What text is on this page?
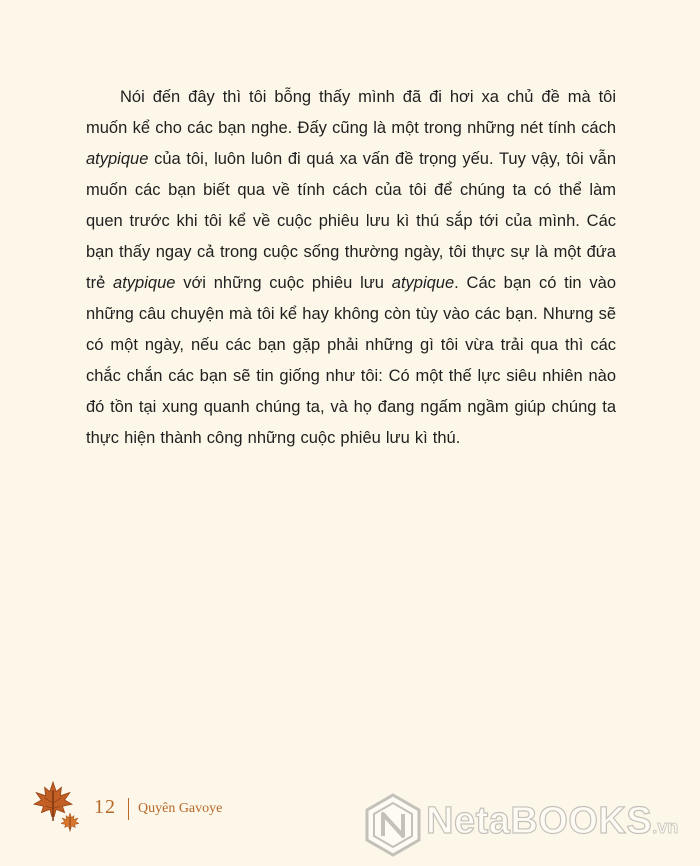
Nói đến đây thì tôi bỗng thấy mình đã đi hơi xa chủ đề mà tôi muốn kể cho các bạn nghe. Đấy cũng là một trong những nét tính cách atypique của tôi, luôn luôn đi quá xa vấn đề trọng yếu. Tuy vậy, tôi vẫn muốn các bạn biết qua về tính cách của tôi để chúng ta có thể làm quen trước khi tôi kể về cuộc phiêu lưu kì thú sắp tới của mình. Các bạn thấy ngay cả trong cuộc sống thường ngày, tôi thực sự là một đứa trẻ atypique với những cuộc phiêu lưu atypique. Các bạn có tin vào những câu chuyện mà tôi kể hay không còn tùy vào các bạn. Nhưng sẽ có một ngày, nếu các bạn gặp phải những gì tôi vừa trải qua thì các chắc chắn các bạn sẽ tin giống như tôi: Có một thế lực siêu nhiên nào đó tồn tại xung quanh chúng ta, và họ đang ngấm ngầm giúp chúng ta thực hiện thành công những cuộc phiêu lưu kì thú.

12 Quyên Gavoye	NetaBOOKS.vn
